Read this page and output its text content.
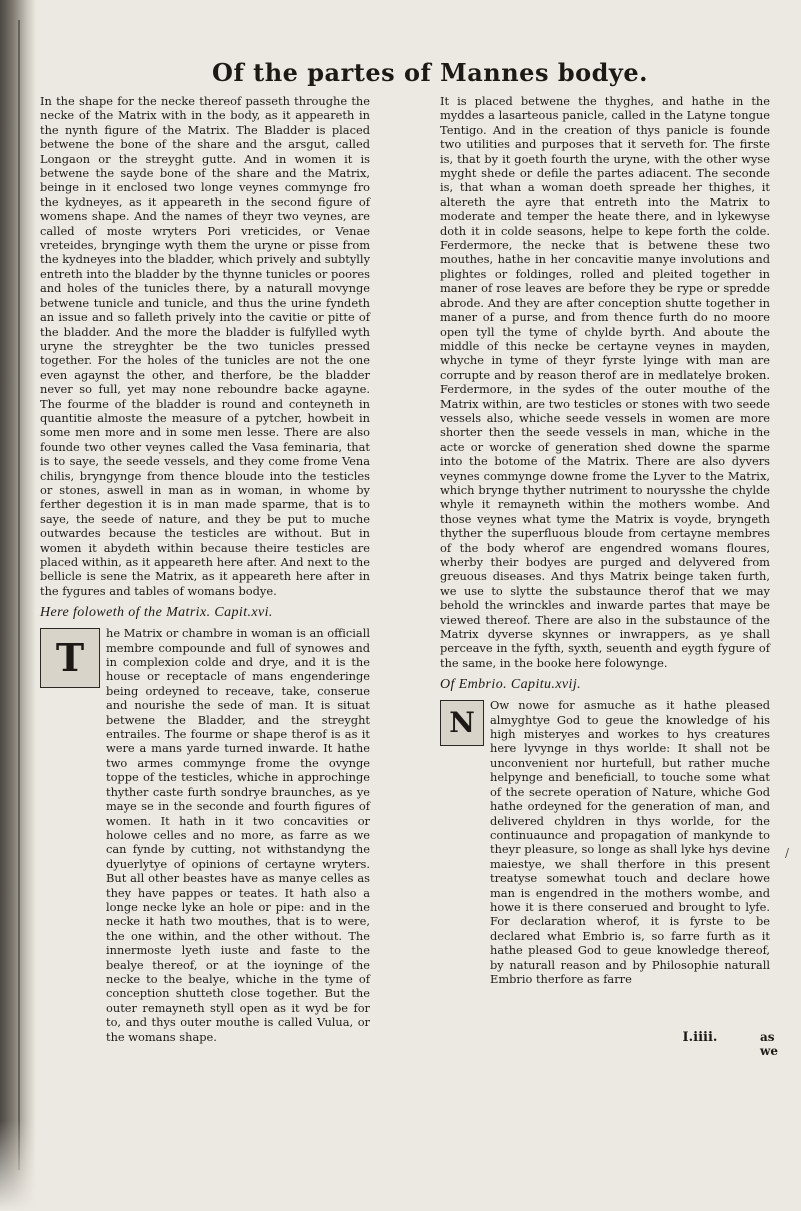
Of the partes of Mannes bodye.

In the shape for the necke thereof passeth throughe the necke of the Matrix with in the body, as it appeareth in the nynth figure of the Matrix. The Bladder is placed betwene the bone of the share and the arsgut, called Longaon or the streyght gutte. And in women it is betwene the sayde bone of the share and the Matrix, beinge in it enclosed two longe veynes commynge fro the kydneyes, as it appeareth in the second figure of womens shape. And the names of theyr two veynes, are called of moste wryters Pori vreticides, or Venae vreteides, brynginge wyth them the uryne or pisse from the kydneyes into the bladder, which prively and subtylly entreth into the bladder by the thynne tunicles or poores and holes of the tunicles there, by a naturall movynge betwene tunicle and tunicle, and thus the urine fyndeth an issue and so falleth prively into the cavitie or pitte of the bladder. And the more the bladder is fulfylled wyth uryne the streyghter be the two tunicles pressed together. For the holes of the tunicles are not the one even agaynst the other, and therfore, be the bladder never so full, yet may none reboundre backe agayne. The fourme of the bladder is round and conteyneth in quantitie almoste the measure of a pytcher, howbeit in some men more and in some men lesse. There are also founde two other veynes called the Vasa feminaria, that is to saye, the seede vessels, and they come frome Vena chilis, bryngynge from thence bloude into the testicles or stones, aswell in man as in woman, in whome by ferther degestion it is in man made sparme, that is to saye, the seede of nature, and they be put to muche outwardes because the testicles are without. But in women it abydeth within because theire testicles are placed within, as it appeareth here after. And next to the bellicle is sene the Matrix, as it appeareth here after in the fygures and tables of womans bodye.

Here foloweth of the Matrix. Capit.xvi.
T

he Matrix or chambre in woman is an officiall membre compounde and full of synowes and in complexion colde and drye, and it is the house or receptacle of mans engenderinge being ordeyned to receave, take, conserue and nourishe the sede of man. It is situat betwene the Bladder, and the streyght entrailes. The fourme or shape therof is as it were a mans yarde turned inwarde. It hathe two armes commynge frome the ovynge toppe of the testicles, whiche in approchinge thyther caste furth sondrye braunches, as ye maye se in the seconde and fourth figures of women. It hath in it two concavities or holowe celles and no more, as farre as we can fynde by cutting, not withstandyng the dyuerlytye of opinions of certayne wryters. But all other beastes have as manye celles as they have pappes or teates. It hath also a longe necke lyke an hole or pipe: and in the necke it hath two mouthes, that is to were, the one within, and the other without. The innermoste lyeth iuste and faste to the bealye thereof, or at the ioyninge of the necke to the bealye, whiche in the tyme of conception shutteth close together. But the outer remayneth styll open as it wyd be for to, and thys outer mouthe is called Vulua, or the womans shape.

It is placed betwene the thyghes, and hathe in the myddes a lasarteous panicle, called in the Latyne tongue Tentigo. And in the creation of thys panicle is founde two utilities and purposes that it serveth for. The firste is, that by it goeth fourth the uryne, with the other wyse myght shede or defile the partes adiacent. The seconde is, that whan a woman doeth spreade her thighes, it altereth the ayre that entreth into the Matrix to moderate and temper the heate there, and in lykewyse doth it in colde seasons, helpe to kepe forth the colde. Ferdermore, the necke that is betwene these two mouthes, hathe in her concavitie manye involutions and plightes or foldinges, rolled and pleited together in maner of rose leaves are before they be rype or spredde abrode. And they are after conception shutte together in maner of a purse, and from thence furth do no moore open tyll the tyme of chylde byrth. And aboute the middle of this necke be certayne veynes in mayden, whyche in tyme of theyr fyrste lyinge with man are corrupte and by reason therof are in medlatelye broken. Ferdermore, in the sydes of the outer mouthe of the Matrix within, are two testicles or stones with two seede vessels also, whiche seede vessels in women are more shorter then the seede vessels in man, whiche in the acte or worcke of generation shed downe the sparme into the botome of the Matrix. There are also dyvers veynes commynge downe frome the Lyver to the Matrix, which brynge thyther nutriment to nourysshe the chylde whyle it remayneth within the mothers wombe. And those veynes what tyme the Matrix is voyde, bryngeth thyther the superfluous bloude from certayne membres of the body wherof are engendred womans floures, wherby their bodyes are purged and delyvered from greuous diseases. And thys Matrix beinge taken furth, we use to slytte the substaunce therof that we may behold the wrinckles and inwarde partes that maye be viewed thereof. There are also in the substaunce of the Matrix dyverse skynnes or inwrappers, as ye shall perceave in the fyfth, syxth, seuenth and eygth fygure of the same, in the booke here folowynge.

Of Embrio. Capitu.xvij.
N

Ow nowe for asmuche as it hathe pleased almyghtye God to geue the knowledge of his high misteryes and workes to hys creatures here lyvynge in thys worlde: It shall not be unconvenient nor hurtefull, but rather muche helpynge and beneficiall, to touche some what of the secrete operation of Nature, whiche God hathe ordeyned for the generation of man, and delivered chyldren in thys worlde, for the continuaunce and propagation of mankynde to theyr pleasure, so longe as shall lyke hys devine maiestye, we shall therfore in this present treatyse somewhat touch and declare howe man is engendred in the mothers wombe, and howe it is there conserued and brought to lyfe. For declaration wherof, it is fyrste to be declared what Embrio is, so farre furth as it hathe pleased God to geue knowledge thereof, by naturall reason and by Philosophie naturall Embrio therfore as farre

I.iiii.	as we
/
